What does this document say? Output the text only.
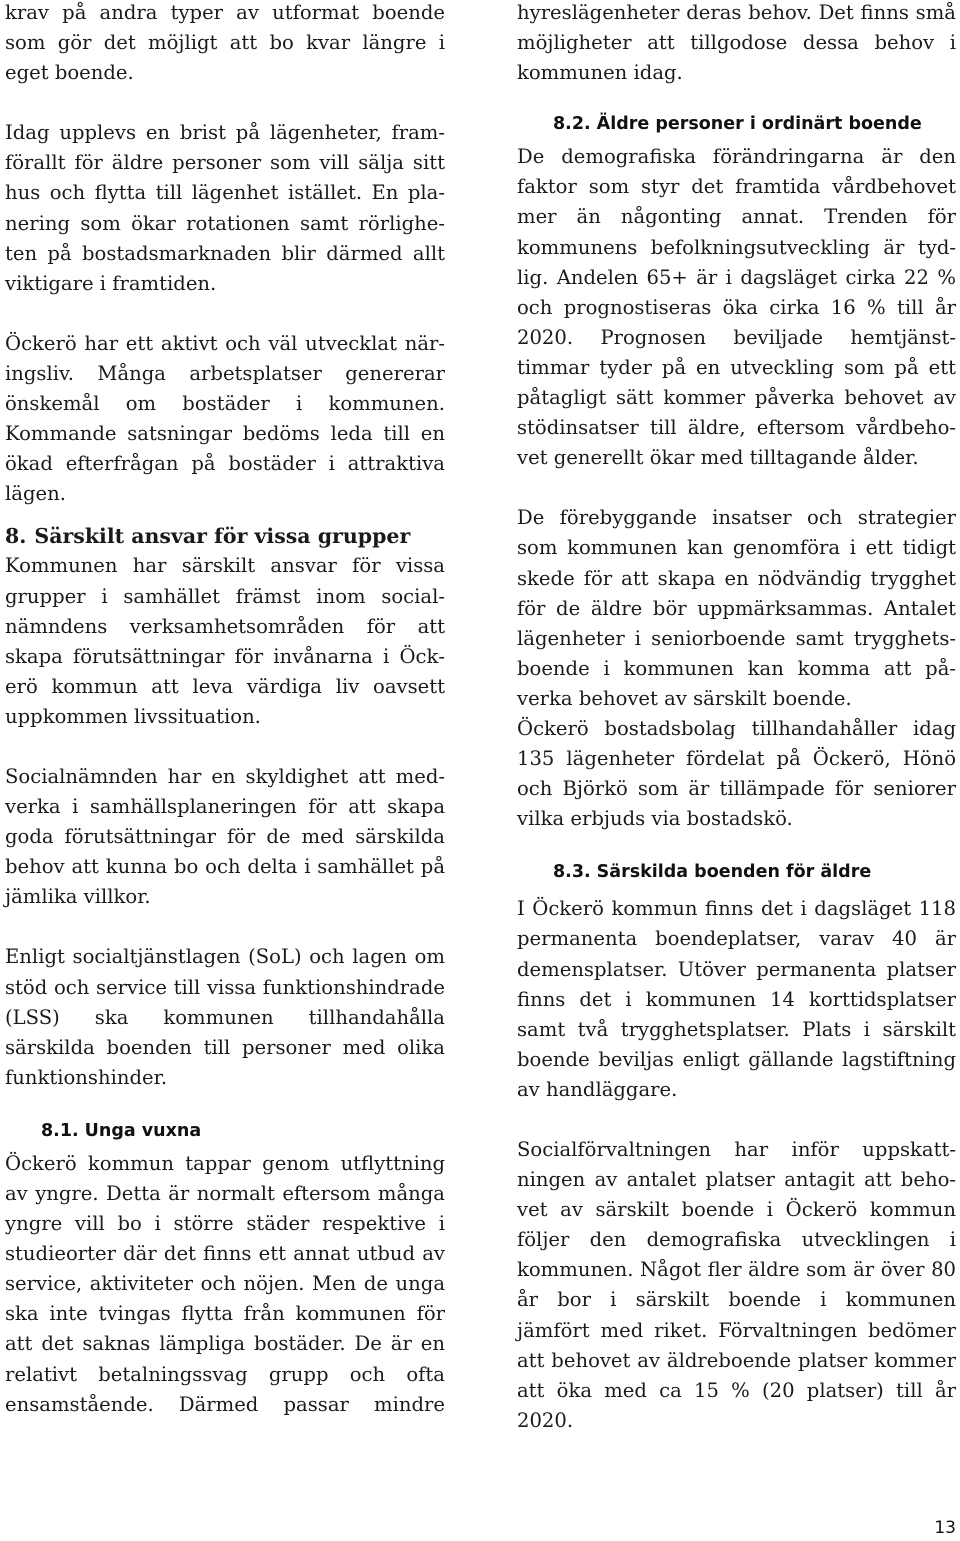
krav på andra typer av utformat boende som gör det möjligt att bo kvar längre i eget boende.

Idag upplevs en brist på lägenheter, framförallt för äldre personer som vill sälja sitt hus och flytta till lägenhet istället. En planering som ökar rotationen samt rörligheten på bostadsmarknaden blir därmed allt viktigare i framtiden.

Öckerö har ett aktivt och väl utvecklat näringsliv. Många arbetsplatser genererar önskemål om bostäder i kommunen. Kommande satsningar bedöms leda till en ökad efterfrågan på bostäder i attraktiva lägen.

8. Särskilt ansvar för vissa grupper

Kommunen har särskilt ansvar för vissa grupper i samhället främst inom socialnämndens verksamhetsområden för att skapa förutsättningar för invånarna i Öckerö kommun att leva värdiga liv oavsett uppkommen livssituation.

Socialnämnden har en skyldighet att medverka i samhällsplaneringen för att skapa goda förutsättningar för de med särskilda behov att kunna bo och delta i samhället på jämlika villkor.

Enligt socialtjänstlagen (SoL) och lagen om stöd och service till vissa funktionshindrade (LSS) ska kommunen tillhandahålla särskilda boenden till personer med olika funktionshinder.

8.1. Unga vuxna

Öckerö kommun tappar genom utflyttning av yngre. Detta är normalt eftersom många yngre vill bo i större städer respektive i studieorter där det finns ett annat utbud av service, aktiviteter och nöjen. Men de unga ska inte tvingas flytta från kommunen för att det saknas lämpliga bostäder. De är en relativt betalningssvag grupp och ofta ensamstående. Därmed passar mindre

hyreslägenheter deras behov. Det finns små möjligheter att tillgodose dessa behov i kommunen idag.

8.2. Äldre personer i ordinärt boende

De demografiska förändringarna är den faktor som styr det framtida vårdbehovet mer än någonting annat. Trenden för kommunens befolkningsutveckling är tydlig. Andelen 65+ är i dagsläget cirka 22 % och prognostiseras öka cirka 16 % till år 2020. Prognosen beviljade hemtjänsttimmar tyder på en utveckling som på ett påtagligt sätt kommer påverka behovet av stödinsatser till äldre, eftersom vårdbehovet generellt ökar med tilltagande ålder.

De förebyggande insatser och strategier som kommunen kan genomföra i ett tidigt skede för att skapa en nödvändig trygghet för de äldre bör uppmärksammas. Antalet lägenheter i seniorboende samt trygghetsboende i kommunen kan komma att påverka behovet av särskilt boende.

Öckerö bostadsbolag tillhandahåller idag 135 lägenheter fördelat på Öckerö, Hönö och Björkö som är tillämpade för seniorer vilka erbjuds via bostadskö.

8.3. Särskilda boenden för äldre

I Öckerö kommun finns det i dagsläget 118 permanenta boendeplatser, varav 40 är demensplatser. Utöver permanenta platser finns det i kommunen 14 korttidsplatser samt två trygghetsplatser. Plats i särskilt boende beviljas enligt gällande lagstiftning av handläggare.

Socialförvaltningen har inför uppskattningen av antalet platser antagit att behovet av särskilt boende i Öckerö kommun följer den demografiska utvecklingen i kommunen. Något fler äldre som är över 80 år bor i särskilt boende i kommunen jämfört med riket. Förvaltningen bedömer att behovet av äldreboende platser kommer att öka med ca 15 % (20 platser) till år 2020.

13
